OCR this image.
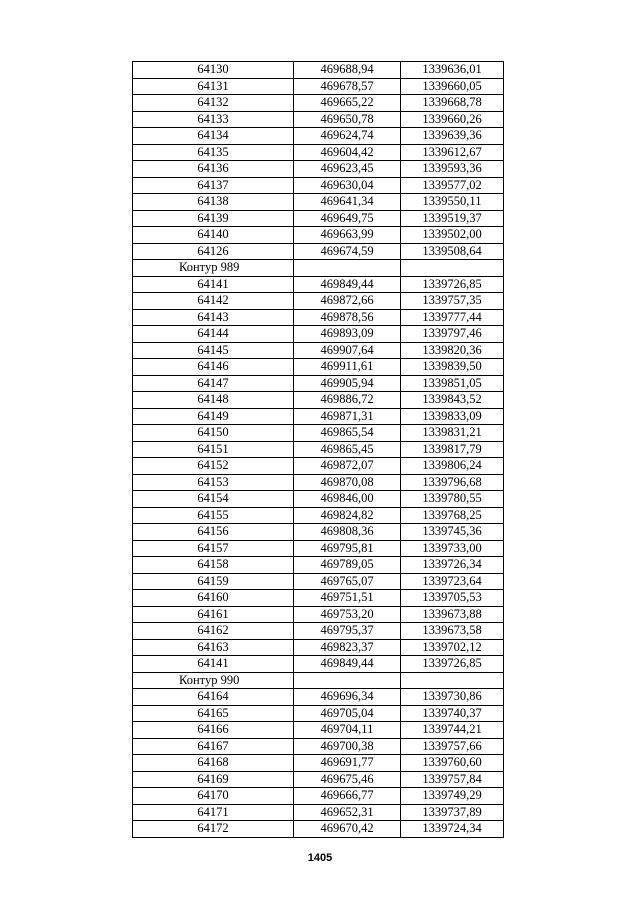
64130	469688,94	1339636,01
64131	469678,57	1339660,05
64132	469665,22	1339668,78
64133	469650,78	1339660,26
64134	469624,74	1339639,36
64135	469604,42	1339612,67
64136	469623,45	1339593,36
64137	469630,04	1339577,02
64138	469641,34	1339550,11
64139	469649,75	1339519,37
64140	469663,99	1339502,00
64126	469674,59	1339508,64
Контур 989		
64141	469849,44	1339726,85
64142	469872,66	1339757,35
64143	469878,56	1339777,44
64144	469893,09	1339797,46
64145	469907,64	1339820,36
64146	469911,61	1339839,50
64147	469905,94	1339851,05
64148	469886,72	1339843,52
64149	469871,31	1339833,09
64150	469865,54	1339831,21
64151	469865,45	1339817,79
64152	469872,07	1339806,24
64153	469870,08	1339796,68
64154	469846,00	1339780,55
64155	469824,82	1339768,25
64156	469808,36	1339745,36
64157	469795,81	1339733,00
64158	469789,05	1339726,34
64159	469765,07	1339723,64
64160	469751,51	1339705,53
64161	469753,20	1339673,88
64162	469795,37	1339673,58
64163	469823,37	1339702,12
64141	469849,44	1339726,85
Контур 990		
64164	469696,34	1339730,86
64165	469705,04	1339740,37
64166	469704,11	1339744,21
64167	469700,38	1339757,66
64168	469691,77	1339760,60
64169	469675,46	1339757,84
64170	469666,77	1339749,29
64171	469652,31	1339737,89
64172	469670,42	1339724,34
1405
